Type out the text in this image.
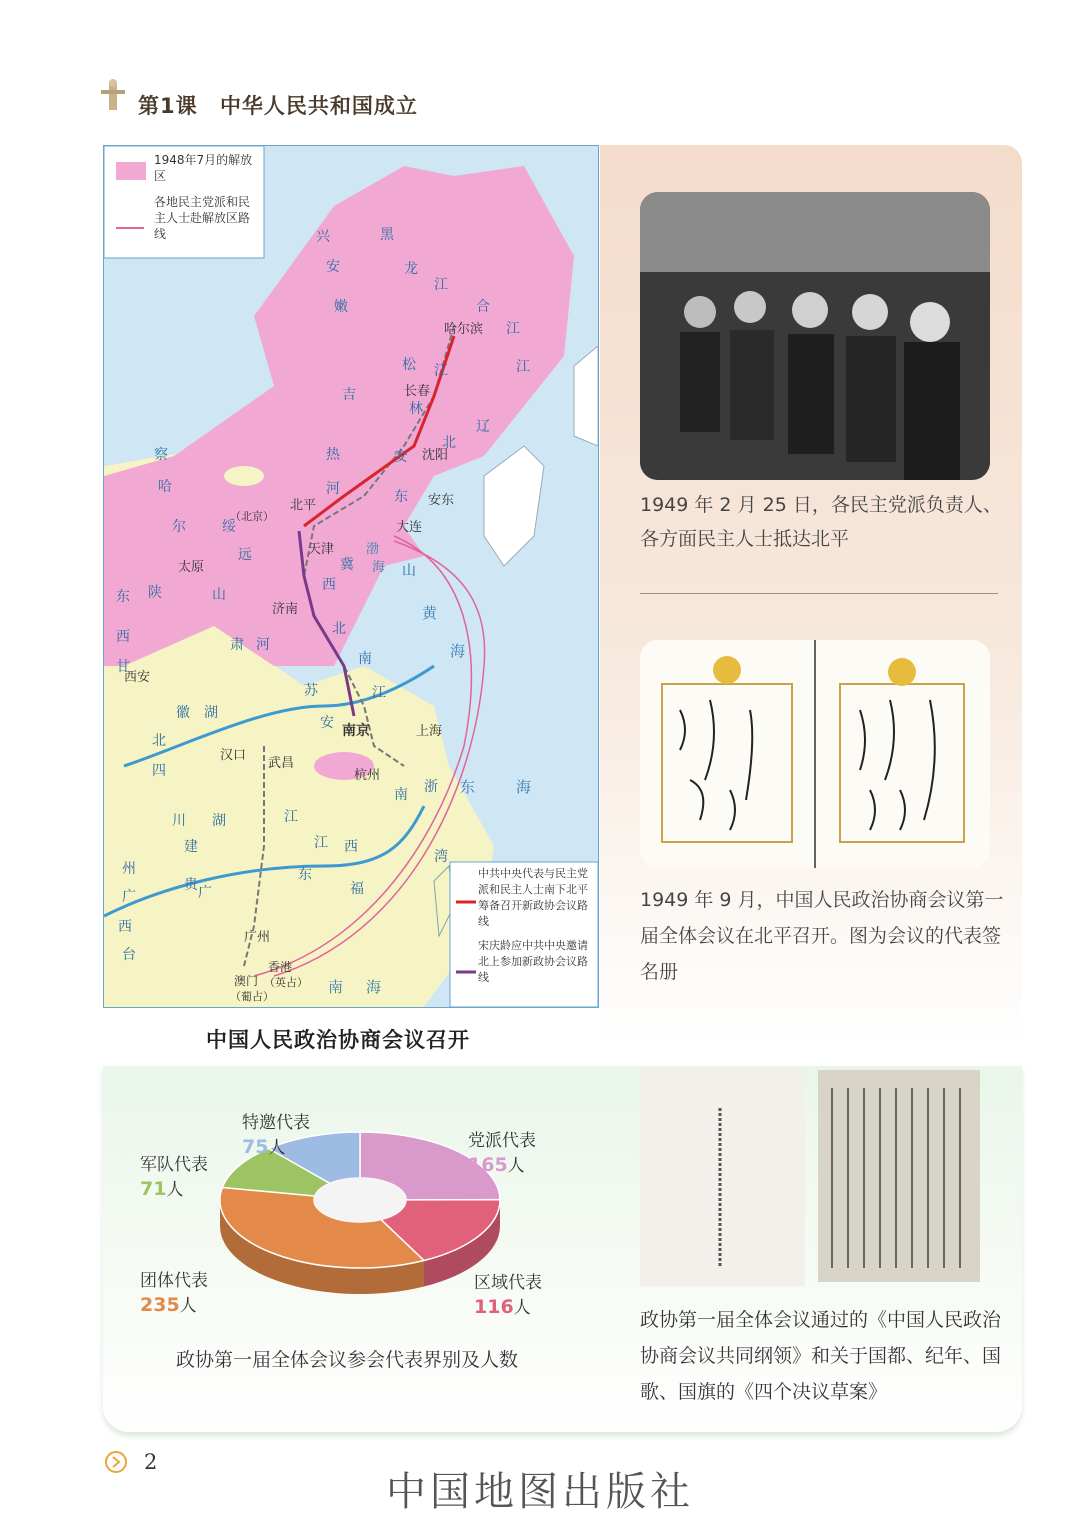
第1课 中华人民共和国成立
1948年7月的解放区
各地民主党派和民主人士赴解放区路线
中共中央代表与民主党派和民主人士南下北平筹备召开新政协会议路线
宋庆龄应中共中央邀请北上参加新政协会议路线
哈尔滨
长春
沈阳
安东
大连
北平
（北京）
天津
太原
济南
西安
南京	上海
汉口
武昌
杭州
广州
香港
（英占）
澳门
（葡占）
渤
海
黄
海
东	海
南 海
兴
安
黑
龙
江
合
江
嫩
江
松 江
吉
林
辽
北
安
东
热
河
察
哈
尔	绥
远
山
西
冀
北
山
东 陕
西
甘
肃 河
南
江
苏
安
徽 湖
北
四
川 湖
南 浙
江
江 西
福
建
贵
州
广
东
广
西
台
湾
中国人民政治协商会议召开
1949 年 2 月 25 日，各民主党派负责人、各方面民主人士抵达北平
1949 年 9 月，中国人民政治协商会议第一届全体会议在北平召开。图为会议的代表签名册
党派代表
165人
区域代表
116人
团体代表
235人
军队代表
71人
特邀代表
75人
政协第一届全体会议参会代表界别及人数
政协第一届全体会议通过的《中国人民政治协商会议共同纲领》和关于国都、纪年、国歌、国旗的《四个决议草案》
2
中国地图出版社
